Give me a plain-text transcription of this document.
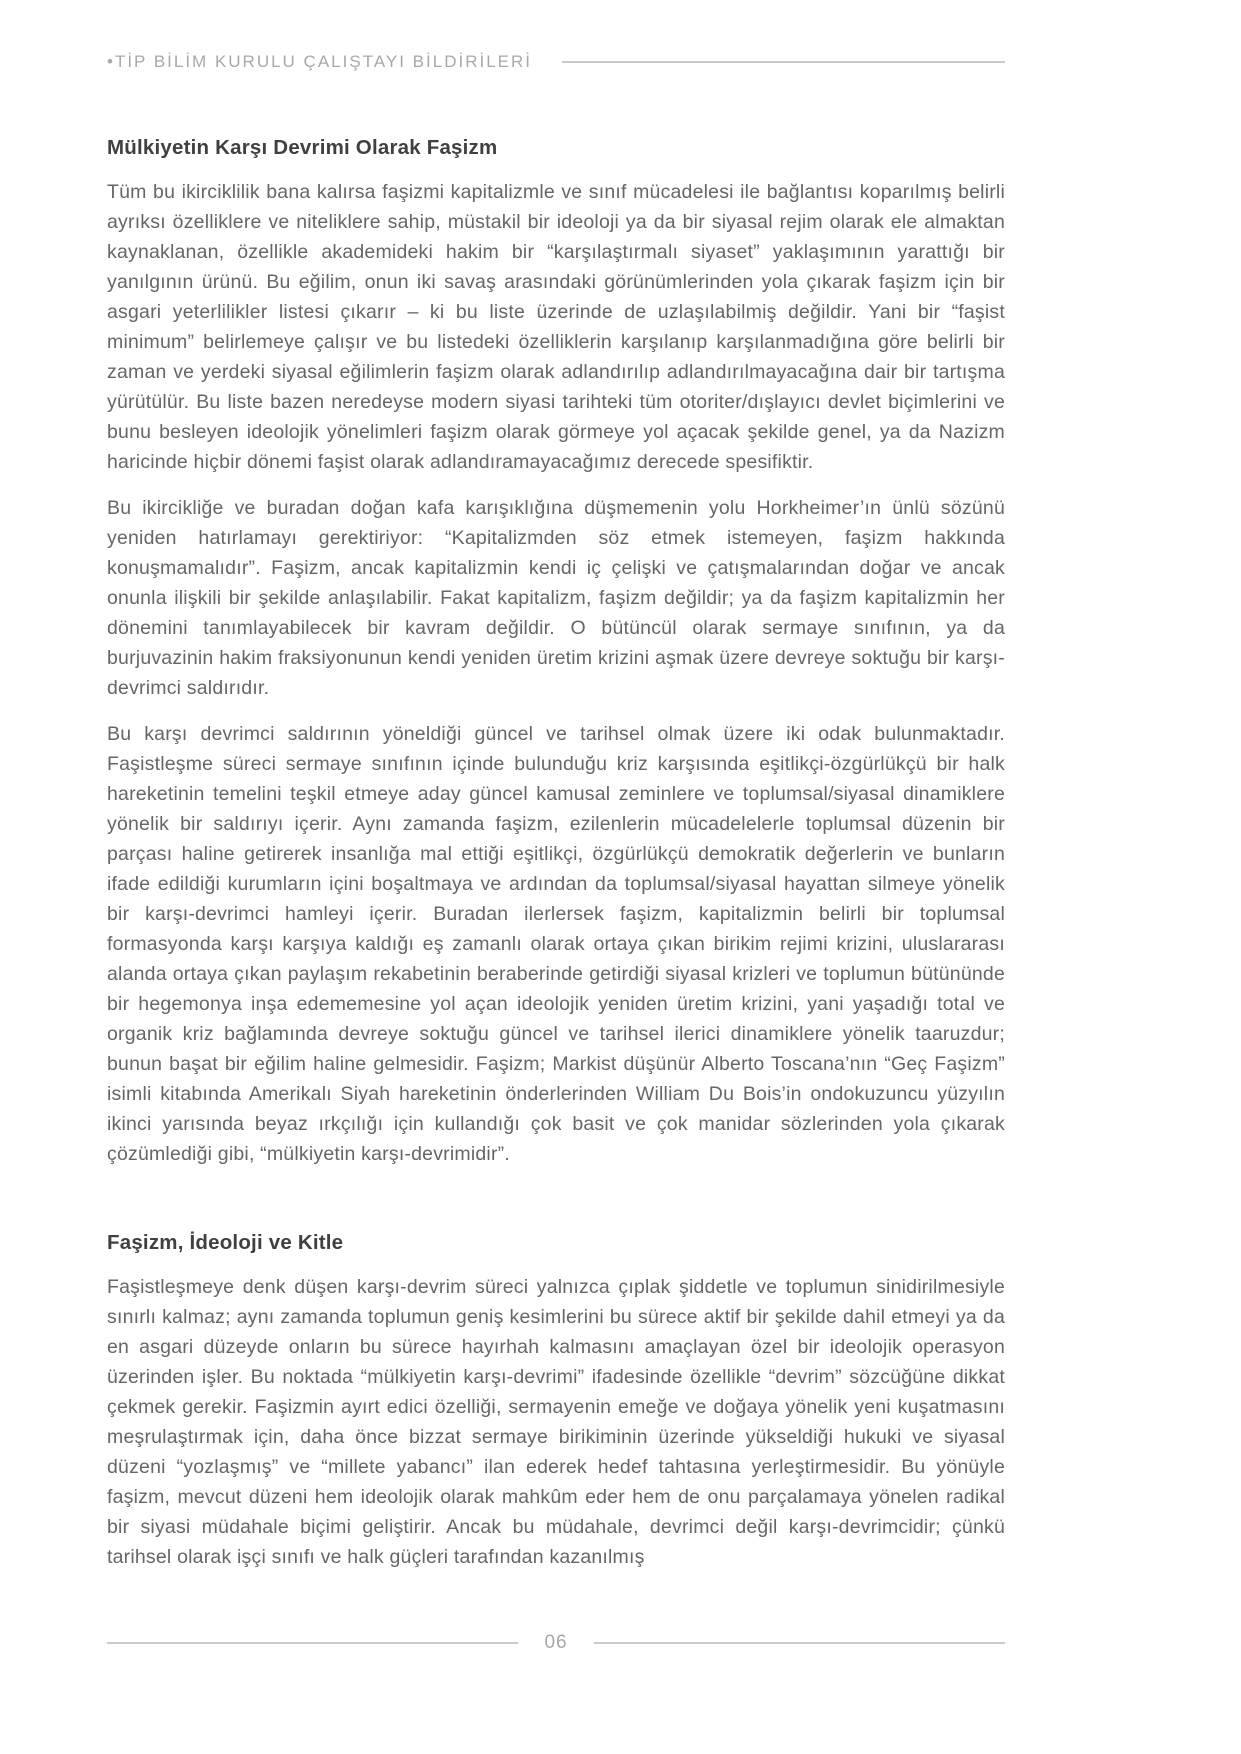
•TİP BİLİM KURULU ÇALIŞTAYI BİLDİRİLERİ
Mülkiyetin Karşı Devrimi Olarak Faşizm

Tüm bu ikirciklilik bana kalırsa faşizmi kapitalizmle ve sınıf mücadelesi ile bağlantısı koparılmış belirli ayrıksı özelliklere ve niteliklere sahip, müstakil bir ideoloji ya da bir siyasal rejim olarak ele almaktan kaynaklanan, özellikle akademideki hakim bir “karşılaştırmalı siyaset” yaklaşımının yarattığı bir yanılgının ürünü. Bu eğilim, onun iki savaş arasındaki görünümlerinden yola çıkarak faşizm için bir asgari yeterlilikler listesi çıkarır – ki bu liste üzerinde de uzlaşılabilmiş değildir. Yani bir “faşist minimum” belirlemeye çalışır ve bu listedeki özelliklerin karşılanıp karşılanmadığına göre belirli bir zaman ve yerdeki siyasal eğilimlerin faşizm olarak adlandırılıp adlandırılmayacağına dair bir tartışma yürütülür. Bu liste bazen neredeyse modern siyasi tarihteki tüm otoriter/dışlayıcı devlet biçimlerini ve bunu besleyen ideolojik yönelimleri faşizm olarak görmeye yol açacak şekilde genel, ya da Nazizm haricinde hiçbir dönemi faşist olarak adlandıramayacağımız derecede spesifiktir.

Bu ikircikliğe ve buradan doğan kafa karışıklığına düşmemenin yolu Horkheimer’ın ünlü sözünü yeniden hatırlamayı gerektiriyor: “Kapitalizmden söz etmek istemeyen, faşizm hakkında konuşmamalıdır”. Faşizm, ancak kapitalizmin kendi iç çelişki ve çatışmalarından doğar ve ancak onunla ilişkili bir şekilde anlaşılabilir. Fakat kapitalizm, faşizm değildir; ya da faşizm kapitalizmin her dönemini tanımlayabilecek bir kavram değildir. O bütüncül olarak sermaye sınıfının, ya da burjuvazinin hakim fraksiyonunun kendi yeniden üretim krizini aşmak üzere devreye soktuğu bir karşı-devrimci saldırıdır.

Bu karşı devrimci saldırının yöneldiği güncel ve tarihsel olmak üzere iki odak bulunmaktadır. Faşistleşme süreci sermaye sınıfının içinde bulunduğu kriz karşısında eşitlikçi-özgürlükçü bir halk hareketinin temelini teşkil etmeye aday güncel kamusal zeminlere ve toplumsal/siyasal dinamiklere yönelik bir saldırıyı içerir. Aynı zamanda faşizm, ezilenlerin mücadelelerle toplumsal düzenin bir parçası haline getirerek insanlığa mal ettiği eşitlikçi, özgürlükçü demokratik değerlerin ve bunların ifade edildiği kurumların içini boşaltmaya ve ardından da toplumsal/siyasal hayattan silmeye yönelik bir karşı-devrimci hamleyi içerir. Buradan ilerlersek faşizm, kapitalizmin belirli bir toplumsal formasyonda karşı karşıya kaldığı eş zamanlı olarak ortaya çıkan birikim rejimi krizini, uluslararası alanda ortaya çıkan paylaşım rekabetinin beraberinde getirdiği siyasal krizleri ve toplumun bütününde bir hegemonya inşa edememesine yol açan ideolojik yeniden üretim krizini, yani yaşadığı total ve organik kriz bağlamında devreye soktuğu güncel ve tarihsel ilerici dinamiklere yönelik taaruzdur; bunun başat bir eğilim haline gelmesidir. Faşizm; Markist düşünür Alberto Toscana’nın “Geç Faşizm” isimli kitabında Amerikalı Siyah hareketinin önderlerinden William Du Bois’in ondokuzuncu yüzyılın ikinci yarısında beyaz ırkçılığı için kullandığı çok basit ve çok manidar sözlerinden yola çıkarak çözümlediği gibi, “mülkiyetin karşı-devrimidir”.

Faşizm, İdeoloji ve Kitle

Faşistleşmeye denk düşen karşı-devrim süreci yalnızca çıplak şiddetle ve toplumun sinidirilmesiyle sınırlı kalmaz; aynı zamanda toplumun geniş kesimlerini bu sürece aktif bir şekilde dahil etmeyi ya da en asgari düzeyde onların bu sürece hayırhah kalmasını amaçlayan özel bir ideolojik operasyon üzerinden işler. Bu noktada “mülkiyetin karşı-devrimi” ifadesinde özellikle “devrim” sözcüğüne dikkat çekmek gerekir. Faşizmin ayırt edici özelliği, sermayenin emeğe ve doğaya yönelik yeni kuşatmasını meşrulaştırmak için, daha önce bizzat sermaye birikiminin üzerinde yükseldiği hukuki ve siyasal düzeni “yozlaşmış” ve “millete yabancı” ilan ederek hedef tahtasına yerleştirmesidir. Bu yönüyle faşizm, mevcut düzeni hem ideolojik olarak mahkûm eder hem de onu parçalamaya yönelen radikal bir siyasi müdahale biçimi geliştirir. Ancak bu müdahale, devrimci değil karşı-devrimcidir; çünkü tarihsel olarak işçi sınıfı ve halk güçleri tarafından kazanılmış

06
